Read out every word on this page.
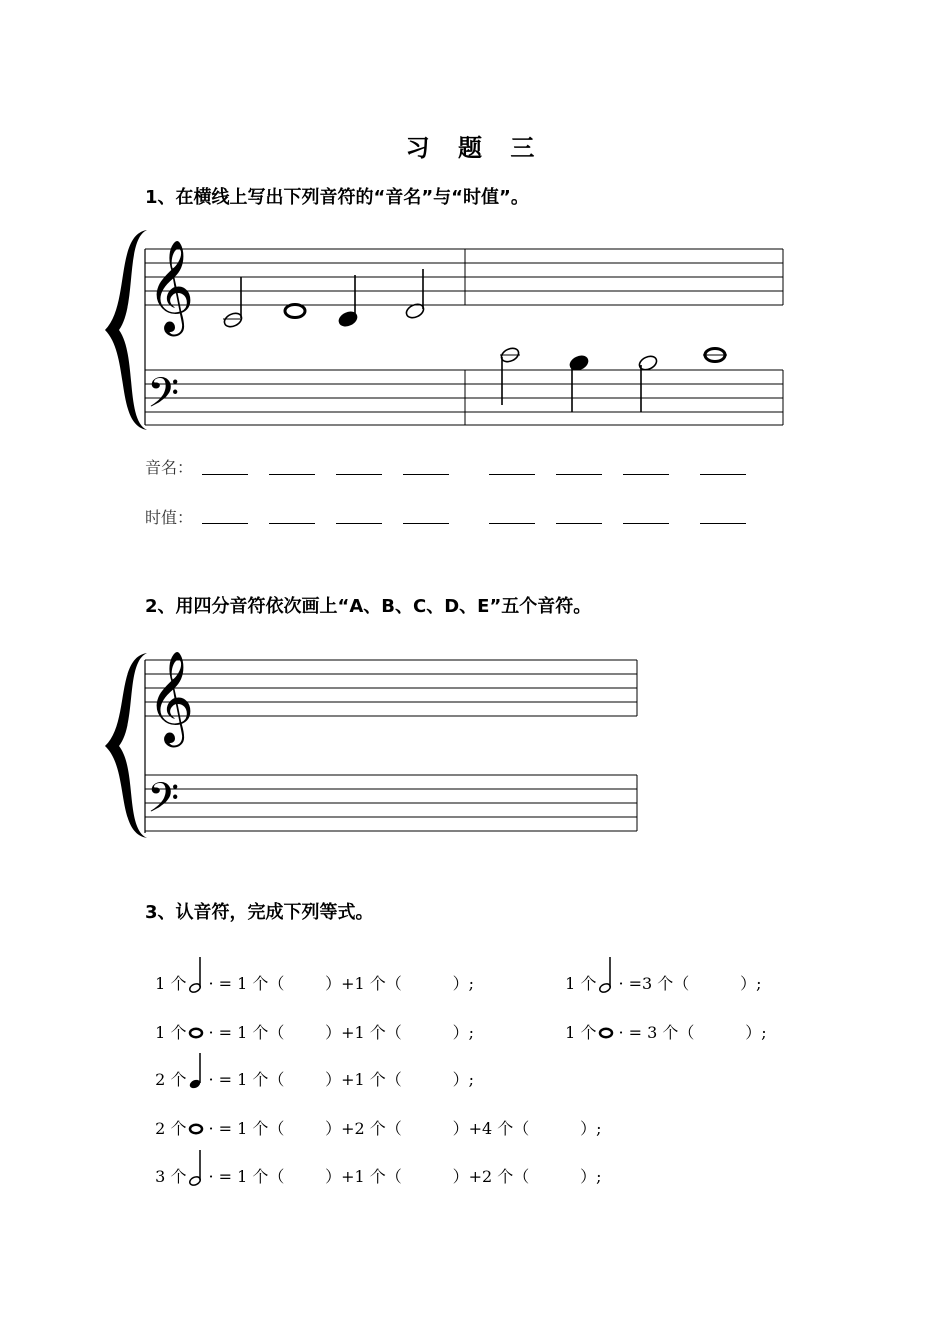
习 题 三
1、在横线上写出下列音符的“音名”与“时值”。
𝄞
𝄢
音名：
时值：
2、用四分音符依次画上“A、B、C、D、E”五个音符。
𝄞
𝄢
3、认音符，完成下列等式。

1 个 · = 1 个（        ）+1 个（          ）;	1 个 · =3 个（          ）;

1 个 · = 1 个（        ）+1 个（          ）;	1 个 · = 3 个（          ）;

2 个 · = 1 个（        ）+1 个（          ）;

2 个 · = 1 个（        ）+2 个（          ）+4 个（          ）;

3 个 · = 1 个（        ）+1 个（          ）+2 个（          ）;
